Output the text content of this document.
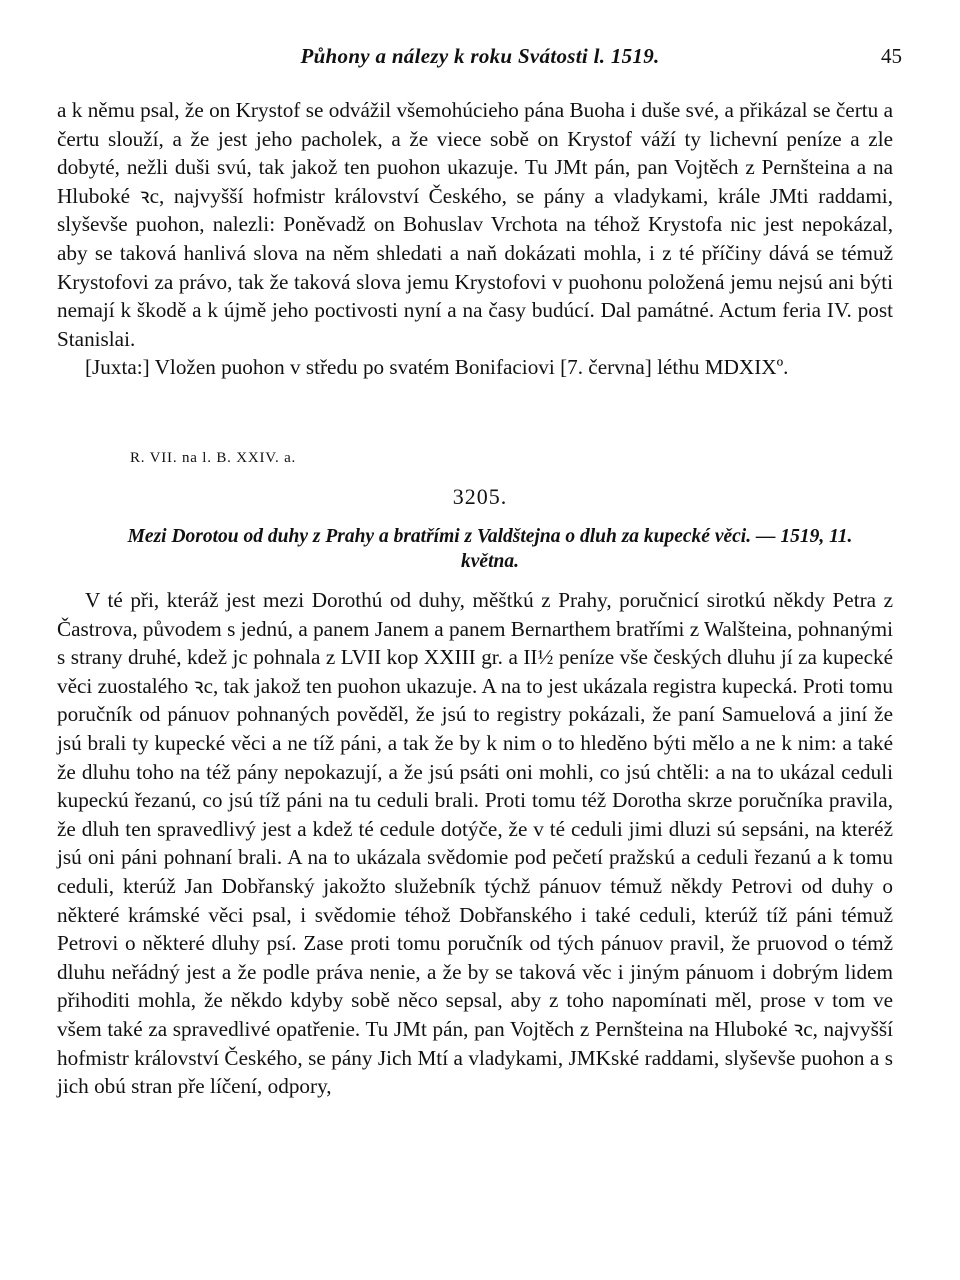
Půhony a nálezy k roku Svátosti l. 1519.	45

a k němu psal, že on Krystof se odvážil všemohúcieho pána Buoha i duše své, a přikázal se čertu a čertu slouží, a že jest jeho pacholek, a že viece sobě on Krystof váží ty lichevní peníze a zle dobyté, nežli duši svú, tak jakož ten puohon ukazuje. Tu JMt pán, pan Vojtěch z Pernšteina a na Hluboké ꝛc, najvyšší hofmistr království Českého, se pány a vladykami, krále JMti raddami, slyševše puohon, nalezli: Poněvadž on Bohuslav Vrchota na téhož Krystofa nic jest nepokázal, aby se taková hanlivá slova na něm shledati a naň dokázati mohla, i z té příčiny dává se témuž Krystofovi za právo, tak že taková slova jemu Krystofovi v puohonu položená jemu nejsú ani býti nemají k škodě a k újmě jeho poctivosti nyní a na časy budúcí. Dal památné. Actum feria IV. post Stanislai.

[Juxta:] Vložen puohon v středu po svatém Bonifaciovi [7. června] léthu MDXIXº.

R. VII. na l. B. XXIV. a.
3205.
Mezi Dorotou od duhy z Prahy a bratřími z Valdštejna o dluh za kupecké věci. — 1519, 11. května.

V té při, kteráž jest mezi Dorothú od duhy, měštkú z Prahy, poručnicí sirotkú někdy Petra z Častrova, původem s jednú, a panem Janem a panem Bernarthem bratřími z Walšteina, pohnanými s strany druhé, kdež jc pohnala z LVII kop XXIII gr. a II½ peníze vše českých dluhu jí za kupecké věci zuostalého ꝛc, tak jakož ten puohon ukazuje. A na to jest ukázala registra kupecká. Proti tomu poručník od pánuov pohnaných pověděl, že jsú to registry pokázali, že paní Samuelová a jiní že jsú brali ty kupecké věci a ne tíž páni, a tak že by k nim o to hleděno býti mělo a ne k nim: a také že dluhu toho na též pány nepokazují, a že jsú psáti oni mohli, co jsú chtěli: a na to ukázal ceduli kupeckú řezanú, co jsú tíž páni na tu ceduli brali. Proti tomu též Dorotha skrze poručníka pravila, že dluh ten spravedlivý jest a kdež té cedule dotýče, že v té ceduli jimi dluzi sú sepsáni, na kteréž jsú oni páni pohnaní brali. A na to ukázala svědomie pod pečetí pražskú a ceduli řezanú a k tomu ceduli, kterúž Jan Dobřanský jakožto služebník týchž pánuov témuž někdy Petrovi od duhy o některé krámské věci psal, i svědomie téhož Dobřanského i také ceduli, kterúž tíž páni témuž Petrovi o některé dluhy psí. Zase proti tomu poručník od tých pánuov pravil, že pruovod o témž dluhu neřádný jest a že podle práva nenie, a že by se taková věc i jiným pánuom i dobrým lidem přihoditi mohla, že někdo kdyby sobě něco sepsal, aby z toho napomínati měl, prose v tom ve všem také za spravedlivé opatřenie. Tu JMt pán, pan Vojtěch z Pernšteina na Hluboké ꝛc, najvyšší hofmistr království Českého, se pány Jich Mtí a vladykami, JMKské raddami, slyševše puohon a s jich obú stran pře líčení, odpory,
